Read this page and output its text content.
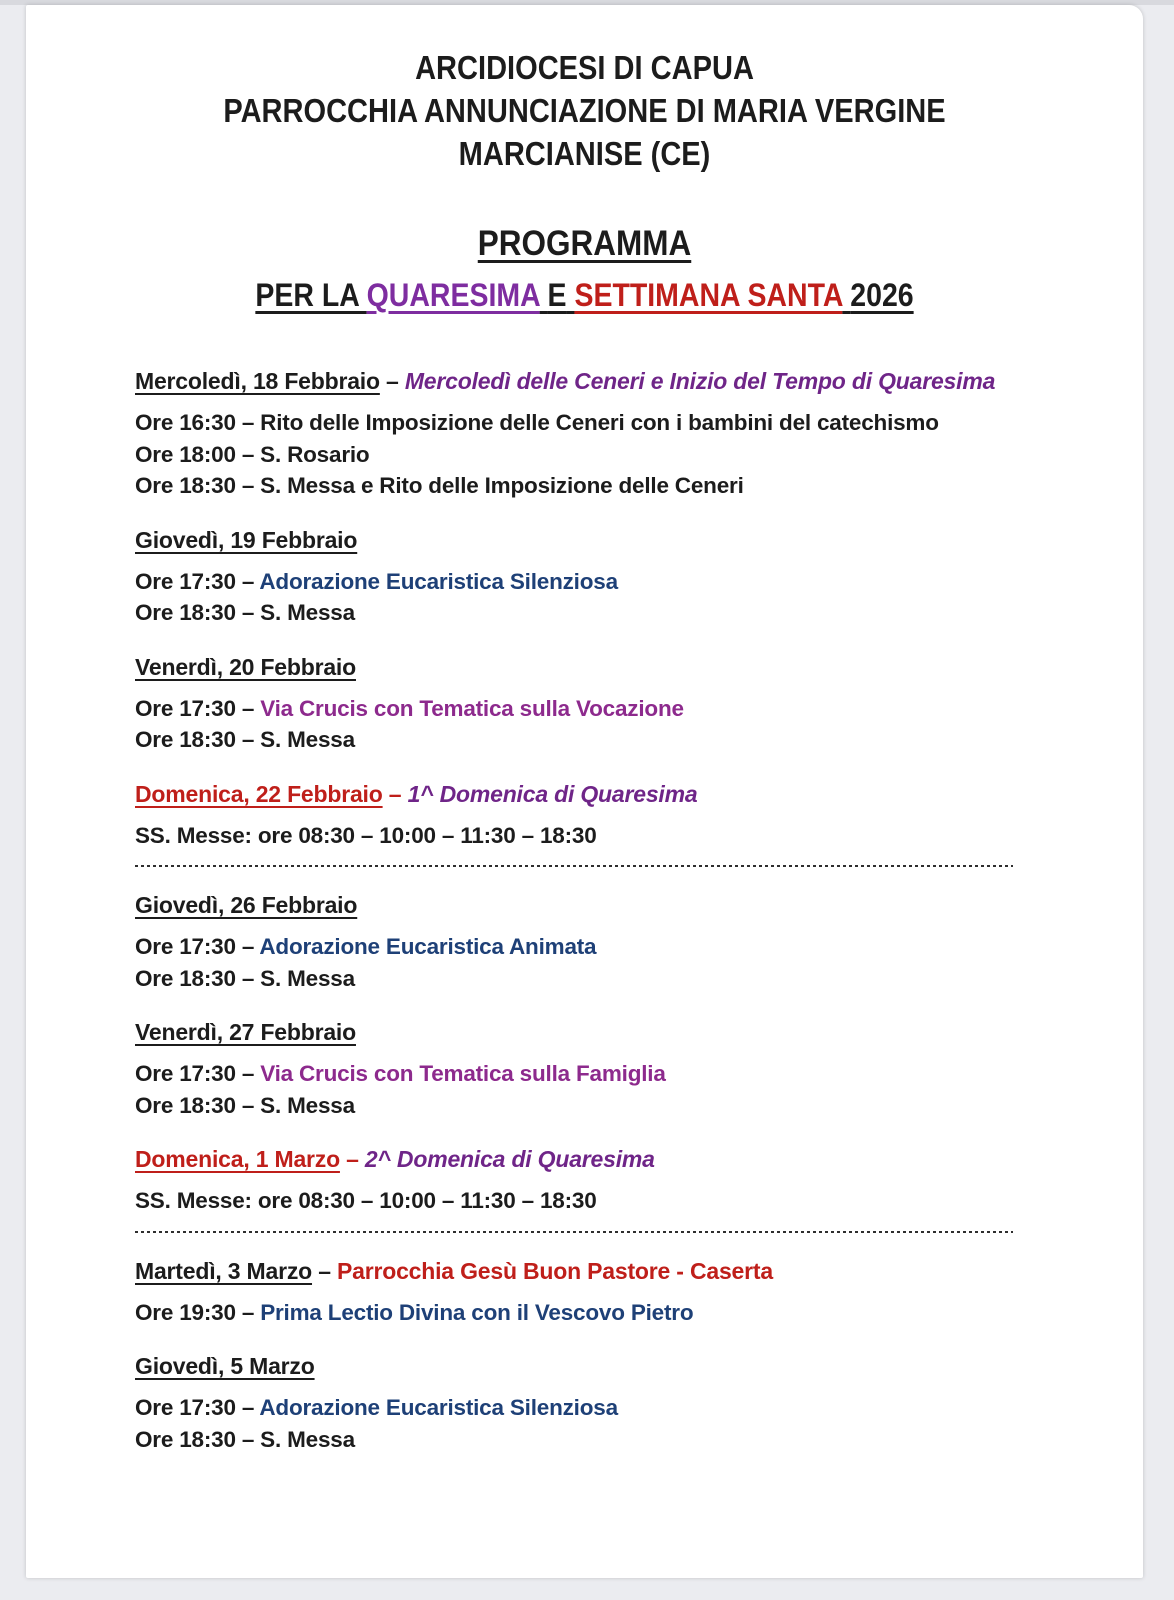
ARCIDIOCESI DI CAPUA
PARROCCHIA ANNUNCIAZIONE DI MARIA VERGINE
MARCIANISE (CE)
PROGRAMMA
PER LA QUARESIMA E SETTIMANA SANTA 2026
Mercoledì, 18 Febbraio – Mercoledì delle Ceneri e Inizio del Tempo di Quaresima
Ore 16:30 – Rito delle Imposizione delle Ceneri con i bambini del catechismo
Ore 18:00 – S. Rosario
Ore 18:30 – S. Messa e Rito delle Imposizione delle Ceneri
Giovedì, 19 Febbraio
Ore 17:30 – Adorazione Eucaristica Silenziosa
Ore 18:30 – S. Messa
Venerdì, 20 Febbraio
Ore 17:30 – Via Crucis con Tematica sulla Vocazione
Ore 18:30 – S. Messa
Domenica, 22 Febbraio – 1^ Domenica di Quaresima
SS. Messe: ore 08:30 – 10:00 – 11:30 – 18:30
Giovedì, 26 Febbraio
Ore 17:30 – Adorazione Eucaristica Animata
Ore 18:30 – S. Messa
Venerdì, 27 Febbraio
Ore 17:30 – Via Crucis con Tematica sulla Famiglia
Ore 18:30 – S. Messa
Domenica, 1 Marzo – 2^ Domenica di Quaresima
SS. Messe: ore 08:30 – 10:00 – 11:30 – 18:30
Martedì, 3 Marzo – Parrocchia Gesù Buon Pastore - Caserta
Ore 19:30 – Prima Lectio Divina con il Vescovo Pietro
Giovedì, 5 Marzo
Ore 17:30 – Adorazione Eucaristica Silenziosa
Ore 18:30 – S. Messa
